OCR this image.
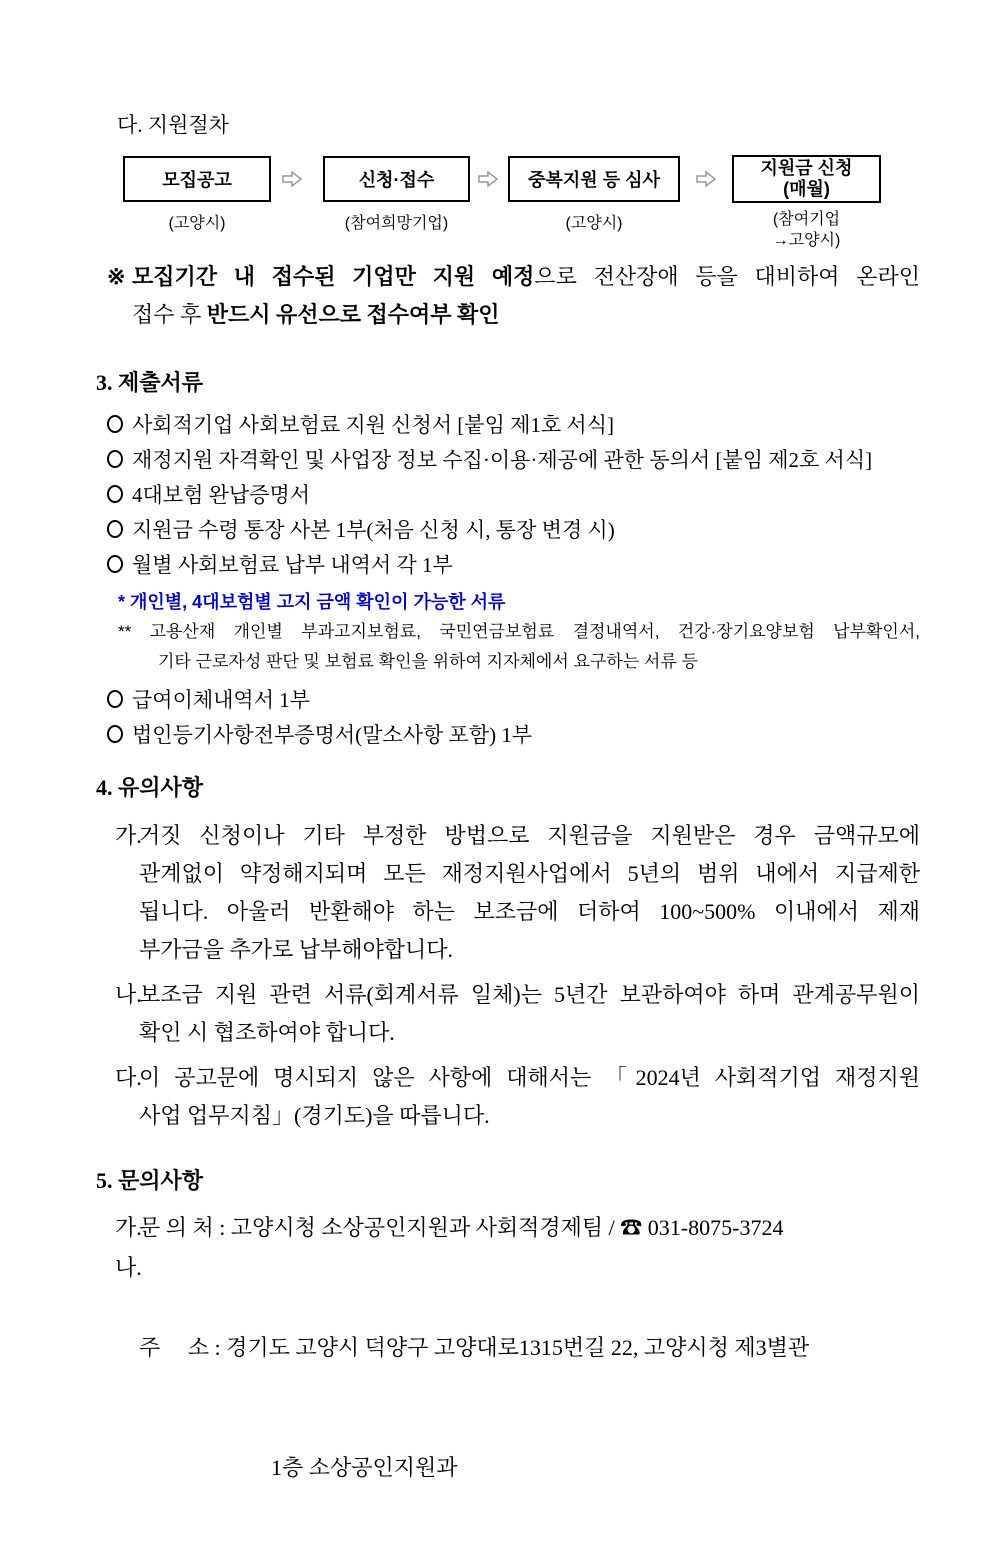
다. 지원절차
모집공고	신청·접수	중복지원 등 심사
지원금 신청
(매월)
(고양시)	(참여희망기업)	(고양시)	(참여기업
→고양시)
※ 모집기간 내 접수된 기업만 지원 예정으로 전산장애 등을 대비하여 온라인
접수 후 반드시 유선으로 접수여부 확인
3. 제출서류
사회적기업 사회보험료 지원 신청서 [붙임 제1호 서식]
재정지원 자격확인 및 사업장 정보 수집·이용·제공에 관한 동의서 [붙임 제2호 서식]
4대보험 완납증명서
지원금 수령 통장 사본 1부(처음 신청 시, 통장 변경 시)
월별 사회보험료 납부 내역서 각 1부
* 개인별, 4대보험별 고지 금액 확인이 가능한 서류
** 고용산재 개인별 부과고지보험료, 국민연금보험료 결정내역서, 건강·장기요양보험 납부확인서,
기타 근로자성 판단 및 보험료 확인을 위하여 지자체에서 요구하는 서류 등
급여이체내역서 1부
법인등기사항전부증명서(말소사항 포함) 1부
4. 유의사항
가.
거짓 신청이나 기타 부정한 방법으로 지원금을 지원받은 경우 금액규모에
관계없이 약정해지되며 모든 재정지원사업에서 5년의 범위 내에서 지급제한
됩니다. 아울러 반환해야 하는 보조금에 더하여 100~500% 이내에서 제재
부가금을 추가로 납부해야합니다.
나.
보조금 지원 관련 서류(회계서류 일체)는 5년간 보관하여야 하며 관계공무원이
확인 시 협조하여야 합니다.
다.
이 공고문에 명시되지 않은 사항에 대해서는 「2024년 사회적기업 재정지원
사업 업무지침」(경기도)을 따릅니다.
5. 문의사항
가.
문 의 처 : 고양시청 소상공인지원과 사회적경제팀 / ☎ 031-8075-3724
나.

주     소 : 경기도 고양시 덕양구 고양대로1315번길 22, 고양시청 제3별관

1층 소상공인지원과
